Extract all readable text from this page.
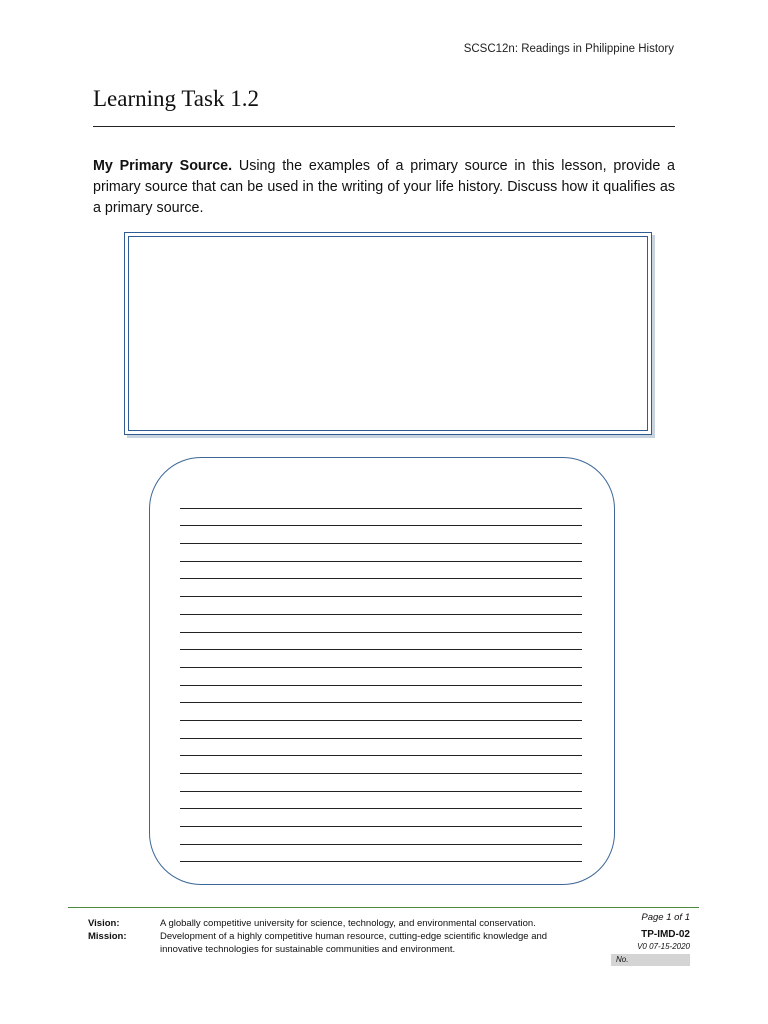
SCSC12n: Readings in Philippine History
Learning Task 1.2
My Primary Source. Using the examples of a primary source in this lesson, provide a primary source that can be used in the writing of your life history. Discuss how it qualifies as a primary source.
Vision:
Mission:
A globally competitive university for science, technology, and environmental conservation.
Development of a highly competitive human resource, cutting-edge scientific knowledge and innovative technologies for sustainable communities and environment.
Page 1 of 1
TP-IMD-02
V0 07-15-2020
No.
